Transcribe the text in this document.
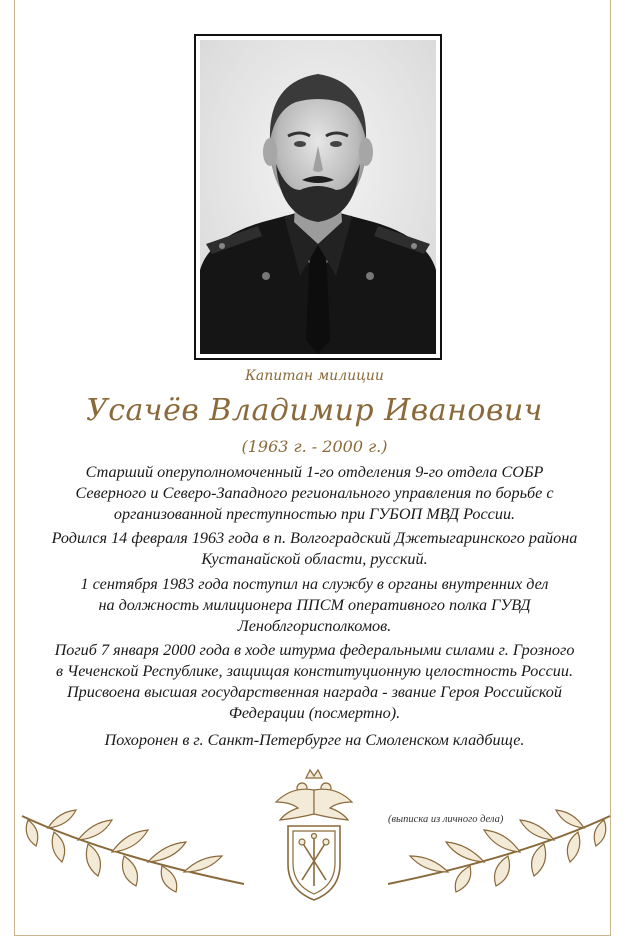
Капитан милиции
Усачёв Владимир Иванович
(1963 г. - 2000 г.)

Старший оперуполномоченный 1-го отделения 9-го отдела СОБР
Северного и Северо-Западного регионального управления по борьбе с
организованной преступностью при ГУБОП МВД России.

Родился 14 февраля 1963 года в п. Волгоградский Джетыгаринского района
Кустанайской области, русский.

1 сентября 1983 года поступил на службу в органы внутренних дел
на должность милиционера ППСМ оперативного полка ГУВД
Леноблгорисполкомов.

Погиб 7 января 2000 года в ходе штурма федеральными силами г. Грозного
в Чеченской Республике, защищая конституционную целостность России.
Присвоена высшая государственная награда - звание Героя Российской
Федерации (посмертно).

Похоронен в г. Санкт-Петербурге на Смоленском кладбище.

(выписка из личного дела)
